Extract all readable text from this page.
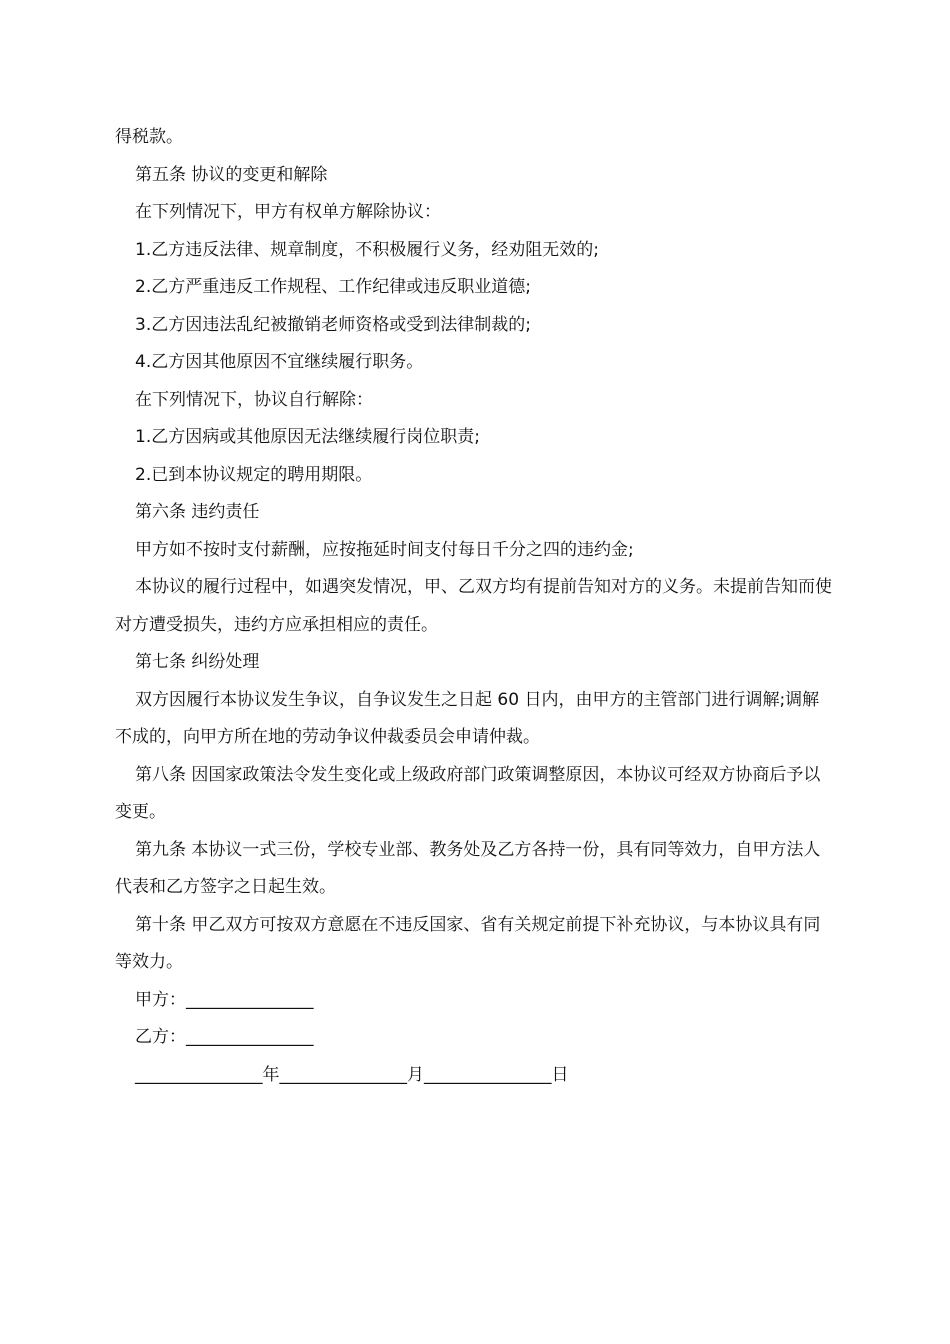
得税款。

第五条 协议的变更和解除

在下列情况下，甲方有权单方解除协议：

1.乙方违反法律、规章制度，不积极履行义务，经劝阻无效的;

2.乙方严重违反工作规程、工作纪律或违反职业道德;

3.乙方因违法乱纪被撤销老师资格或受到法律制裁的;

4.乙方因其他原因不宜继续履行职务。

在下列情况下，协议自行解除：

1.乙方因病或其他原因无法继续履行岗位职责;

2.已到本协议规定的聘用期限。

第六条 违约责任

甲方如不按时支付薪酬，应按拖延时间支付每日千分之四的违约金;

本协议的履行过程中，如遇突发情况，甲、乙双方均有提前告知对方的义务。未提前告知而使对方遭受损失，违约方应承担相应的责任。

第七条 纠纷处理

双方因履行本协议发生争议，自争议发生之日起 60 日内，由甲方的主管部门进行调解;调解不成的，向甲方所在地的劳动争议仲裁委员会申请仲裁。

第八条 因国家政策法令发生变化或上级政府部门政策调整原因，本协议可经双方协商后予以变更。

第九条 本协议一式三份，学校专业部、教务处及乙方各持一份，具有同等效力，自甲方法人代表和乙方签字之日起生效。

第十条 甲乙双方可按双方意愿在不违反国家、省有关规定前提下补充协议，与本协议具有同等效力。

甲方：_______________

乙方：_______________

_______________年_______________月_______________日
